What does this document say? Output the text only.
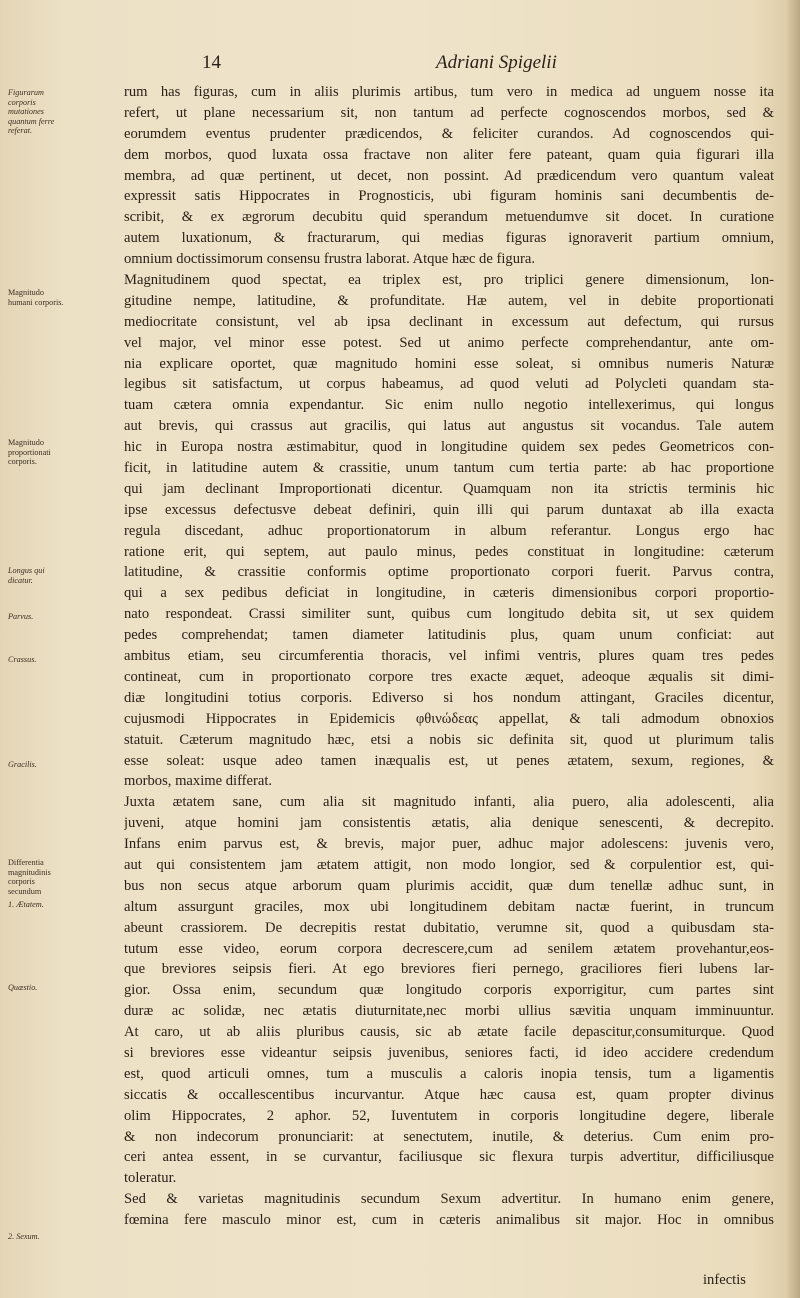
14	Adriani Spigelii
Figurarum corporis mutationes quantum ferre referat.
Magnitudo humani corporis.
Magnitudo proportionati corporis.
Longus qui dicatur.
Parvus.
Crassus.
Gracilis.
Differentia magnitudinis corporis secundum
1. Ætatem.
Quæstio.
2. Sexum.
rum has figuras, cum in aliis plurimis artibus, tum vero in medica ad unguem nosse ita
refert, ut plane necessarium sit, non tantum ad perfecte cognoscendos morbos, sed &
eorumdem eventus prudenter prædicendos, & feliciter curandos. Ad cognoscendos qui-
dem morbos, quod luxata ossa fractave non aliter fere pateant, quam quia figurari illa
membra, ad quæ pertinent, ut decet, non possint. Ad prædicendum vero quantum valeat
expressit satis Hippocrates in Prognosticis, ubi figuram hominis sani decumbentis de-
scribit, & ex ægrorum decubitu quid sperandum metuendumve sit docet. In curatione
autem luxationum, & fracturarum, qui medias figuras ignoraverit partium omnium,
omnium doctissimorum consensu frustra laborat. Atque hæc de figura.
Magnitudinem quod spectat, ea triplex est, pro triplici genere dimensionum, lon-
gitudine nempe, latitudine, & profunditate. Hæ autem, vel in debite proportionati
mediocritate consistunt, vel ab ipsa declinant in excessum aut defectum, qui rursus
vel major, vel minor esse potest. Sed ut animo perfecte comprehendantur, ante om-
nia explicare oportet, quæ magnitudo homini esse soleat, si omnibus numeris Naturæ
legibus sit satisfactum, ut corpus habeamus, ad quod veluti ad Polycleti quandam sta-
tuam cætera omnia expendantur. Sic enim nullo negotio intellexerimus, qui longus
aut brevis, qui crassus aut gracilis, qui latus aut angustus sit vocandus. Tale autem
hic in Europa nostra æstimabitur, quod in longitudine quidem sex pedes Geometricos con-
ficit, in latitudine autem & crassitie, unum tantum cum tertia parte: ab hac proportione
qui jam declinant Improportionati dicentur. Quamquam non ita strictis terminis hic
ipse excessus defectusve debeat definiri, quin illi qui parum duntaxat ab illa exacta
regula discedant, adhuc proportionatorum in album referantur. Longus ergo hac
ratione erit, qui septem, aut paulo minus, pedes constituat in longitudine: cæterum
latitudine, & crassitie conformis optime proportionato corpori fuerit. Parvus contra,
qui a sex pedibus deficiat in longitudine, in cæteris dimensionibus corpori proportio-
nato respondeat. Crassi similiter sunt, quibus cum longitudo debita sit, ut sex quidem
pedes comprehendat; tamen diameter latitudinis plus, quam unum conficiat: aut
ambitus etiam, seu circumferentia thoracis, vel infimi ventris, plures quam tres pedes
contineat, cum in proportionato corpore tres exacte æquet, adeoque æqualis sit dimi-
diæ longitudini totius corporis. Ediverso si hos nondum attingant, Graciles dicentur,
cujusmodi Hippocrates in Epidemicis φθινώδεας appellat, & tali admodum obnoxios
statuit. Cæterum magnitudo hæc, etsi a nobis sic definita sit, quod ut plurimum talis
esse soleat: usque adeo tamen inæqualis est, ut penes ætatem, sexum, regiones, &
morbos, maxime differat.
Juxta ætatem sane, cum alia sit magnitudo infanti, alia puero, alia adolescenti, alia
juveni, atque homini jam consistentis ætatis, alia denique senescenti, & decrepito.
Infans enim parvus est, & brevis, major puer, adhuc major adolescens: juvenis vero,
aut qui consistentem jam ætatem attigit, non modo longior, sed & corpulentior est, qui-
bus non secus atque arborum quam plurimis accidit, quæ dum tenellæ adhuc sunt, in
altum assurgunt graciles, mox ubi longitudinem debitam nactæ fuerint, in truncum
abeunt crassiorem. De decrepitis restat dubitatio, verumne sit, quod a quibusdam sta-
tutum esse video, eorum corpora decrescere,cum ad senilem ætatem provehantur,eos-
que breviores seipsis fieri. At ego breviores fieri pernego, graciliores fieri lubens lar-
gior. Ossa enim, secundum quæ longitudo corporis exporrigitur, cum partes sint
duræ ac solidæ, nec ætatis diuturnitate,nec morbi ullius sævitia unquam imminuuntur.
At caro, ut ab aliis pluribus causis, sic ab ætate facile depascitur,consumiturque. Quod
si breviores esse videantur seipsis juvenibus, seniores facti, id ideo accidere credendum
est, quod articuli omnes, tum a musculis a caloris inopia tensis, tum a ligamentis
siccatis & occallescentibus incurvantur. Atque hæc causa est, quam propter divinus
olim Hippocrates, 2 aphor. 52, Iuventutem in corporis longitudine degere, liberale
& non indecorum pronunciarit: at senectutem, inutile, & deterius. Cum enim pro-
ceri antea essent, in se curvantur, faciliusque sic flexura turpis advertitur, difficiliusque
toleratur.
Sed & varietas magnitudinis secundum Sexum advertitur. In humano enim genere,
fœmina fere masculo minor est, cum in cæteris animalibus sit major. Hoc in omnibus
infectis
